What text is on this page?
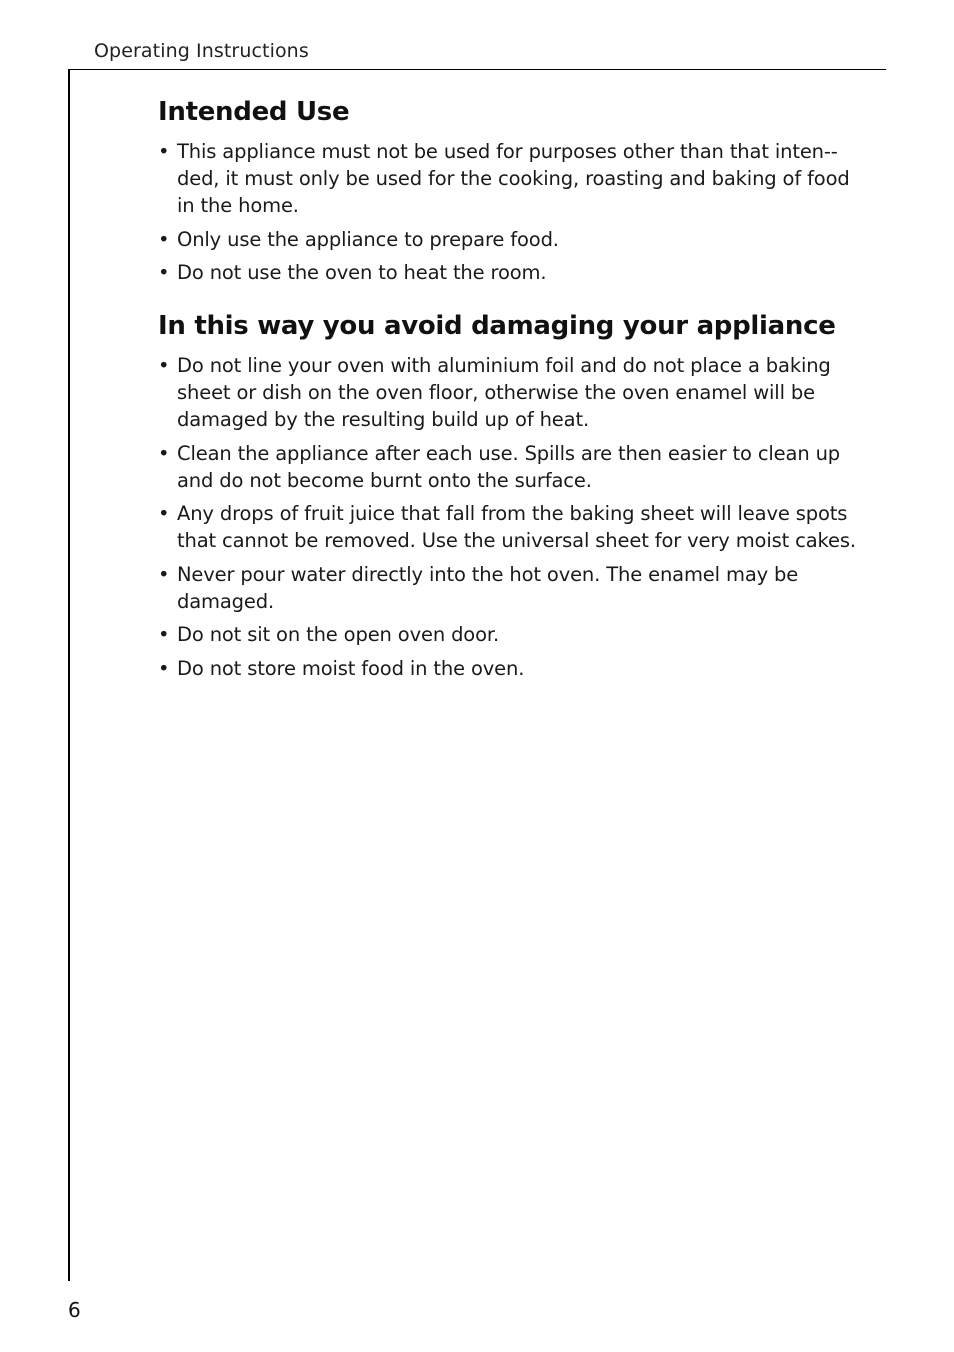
Operating Instructions
Intended Use
• This appliance must not be used for purposes other than that inten-ded, it must only be used for the cooking, roasting and baking of food in the home.
• Only use the appliance to prepare food.
• Do not use the oven to heat the room.
In this way you avoid damaging your appliance
• Do not line your oven with aluminium foil and do not place a baking sheet or dish on the oven floor, otherwise the oven enamel will be damaged by the resulting build up of heat.
• Clean the appliance after each use. Spills are then easier to clean up and do not become burnt onto the surface.
• Any drops of fruit juice that fall from the baking sheet will leave spots that cannot be removed. Use the universal sheet for very moist cakes.
• Never pour water directly into the hot oven. The enamel may be damaged.
• Do not sit on the open oven door.
• Do not store moist food in the oven.
6
